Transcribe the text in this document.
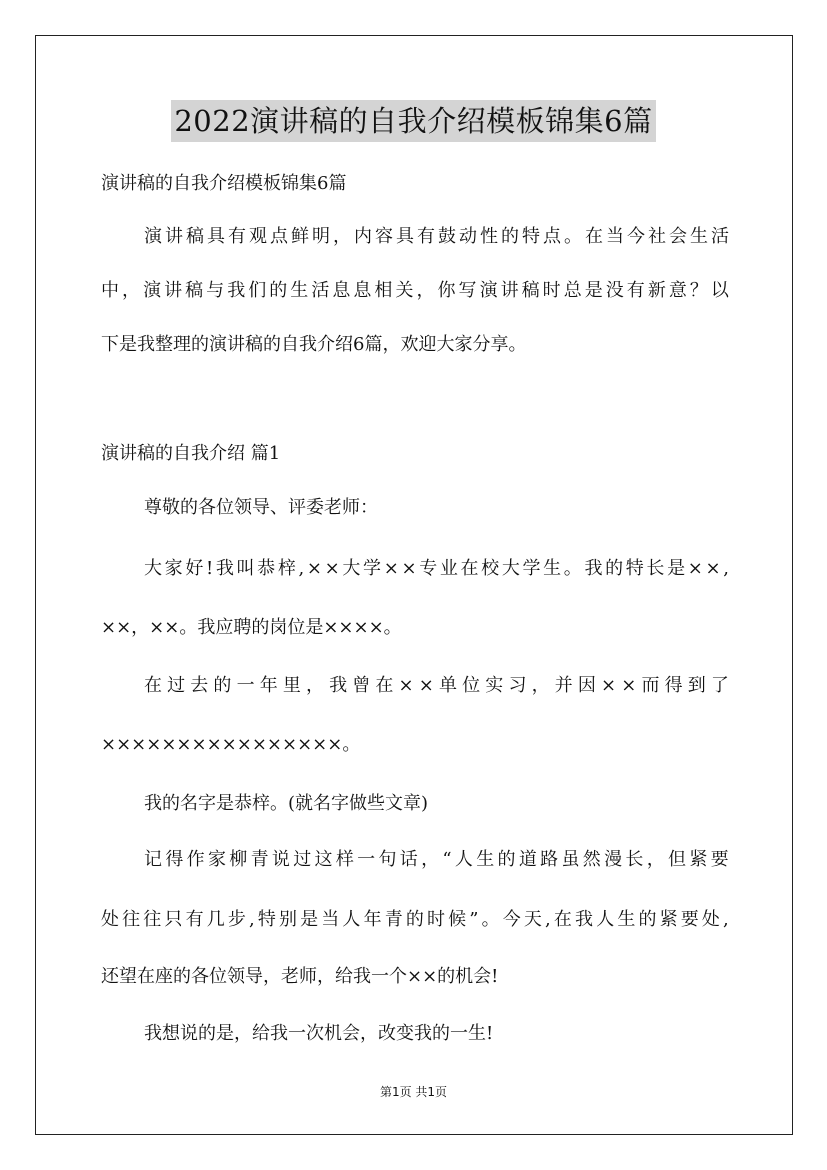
2022演讲稿的自我介绍模板锦集6篇
演讲稿的自我介绍模板锦集6篇
演 讲 稿 具 有 观 点 鲜 明 ， 内 容 具 有 鼓 动 性 的 特 点 。 在 当 今 社 会 生 活
中 ， 演 讲 稿 与 我 们 的 生 活 息 息 相 关 ， 你 写 演 讲 稿 时 总 是 没 有 新 意 ？ 以
下是我整理的演讲稿的自我介绍6篇，欢迎大家分享。
演讲稿的自我介绍 篇1
尊敬的各位领导、评委老师：
大 家 好 ! 我 叫 恭 梓 , × × 大 学 × × 专 业 在 校 大 学 生 。 我 的 特 长 是 × × ,
××，××。我应聘的岗位是××××。
在 过 去 的 一 年 里 ， 我 曾 在 × × 单 位 实 习 ， 并 因 × × 而 得 到 了
××××××××××××××××。
我的名字是恭梓。(就名字做些文章)
记 得 作 家 柳 青 说 过 这 样 一 句 话 ， “ 人 生 的 道 路 虽 然 漫 长 ， 但 紧 要
处 往 往 只 有 几 步 , 特 别 是 当 人 年 青 的 时 候 ” 。 今 天 , 在 我 人 生 的 紧 要 处 ,
还望在座的各位领导，老师，给我一个××的机会!
我想说的是，给我一次机会，改变我的一生!
第1页 共1页
